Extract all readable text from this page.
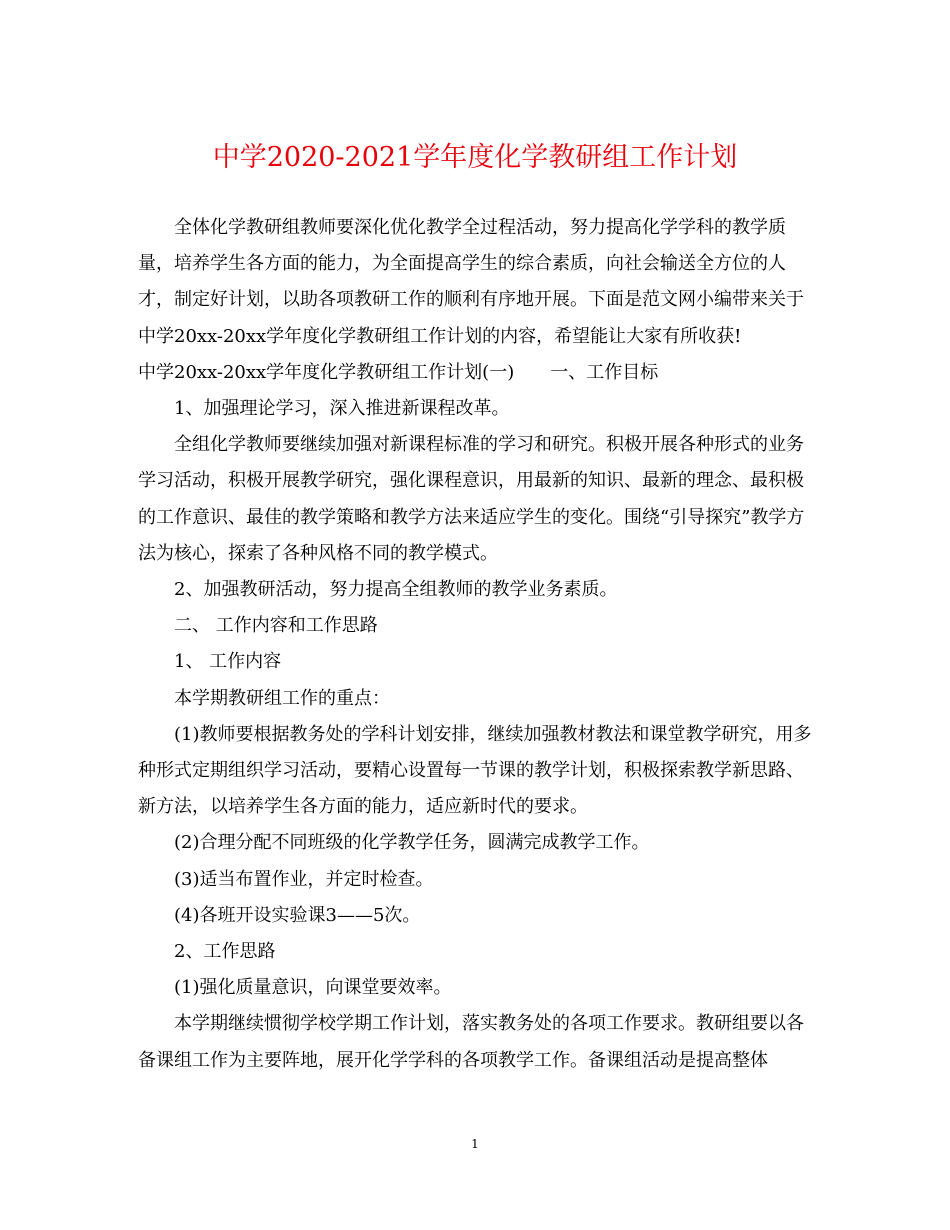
中学2020-2021学年度化学教研组工作计划

全体化学教研组教师要深化优化教学全过程活动，努力提高化学学科的教学质量，培养学生各方面的能力，为全面提高学生的综合素质，向社会输送全方位的人才，制定好计划，以助各项教研工作的顺利有序地开展。下面是范文网小编带来关于中学20xx-20xx学年度化学教研组工作计划的内容，希望能让大家有所收获!

中学20xx-20xx学年度化学教研组工作计划(一) 一、工作目标

1、加强理论学习，深入推进新课程改革。

全组化学教师要继续加强对新课程标准的学习和研究。积极开展各种形式的业务学习活动，积极开展教学研究，强化课程意识，用最新的知识、最新的理念、最积极的工作意识、最佳的教学策略和教学方法来适应学生的变化。围绕“引导探究”教学方法为核心，探索了各种风格不同的教学模式。

2、加强教研活动，努力提高全组教师的教学业务素质。

二、 工作内容和工作思路

1、 工作内容

本学期教研组工作的重点：

(1)教师要根据教务处的学科计划安排，继续加强教材教法和课堂教学研究，用多种形式定期组织学习活动，要精心设置每一节课的教学计划，积极探索教学新思路、新方法，以培养学生各方面的能力，适应新时代的要求。

(2)合理分配不同班级的化学教学任务，圆满完成教学工作。

(3)适当布置作业，并定时检查。

(4)各班开设实验课3——5次。

2、工作思路

(1)强化质量意识，向课堂要效率。

本学期继续惯彻学校学期工作计划，落实教务处的各项工作要求。教研组要以各备课组工作为主要阵地，展开化学学科的各项教学工作。备课组活动是提高整体

1
